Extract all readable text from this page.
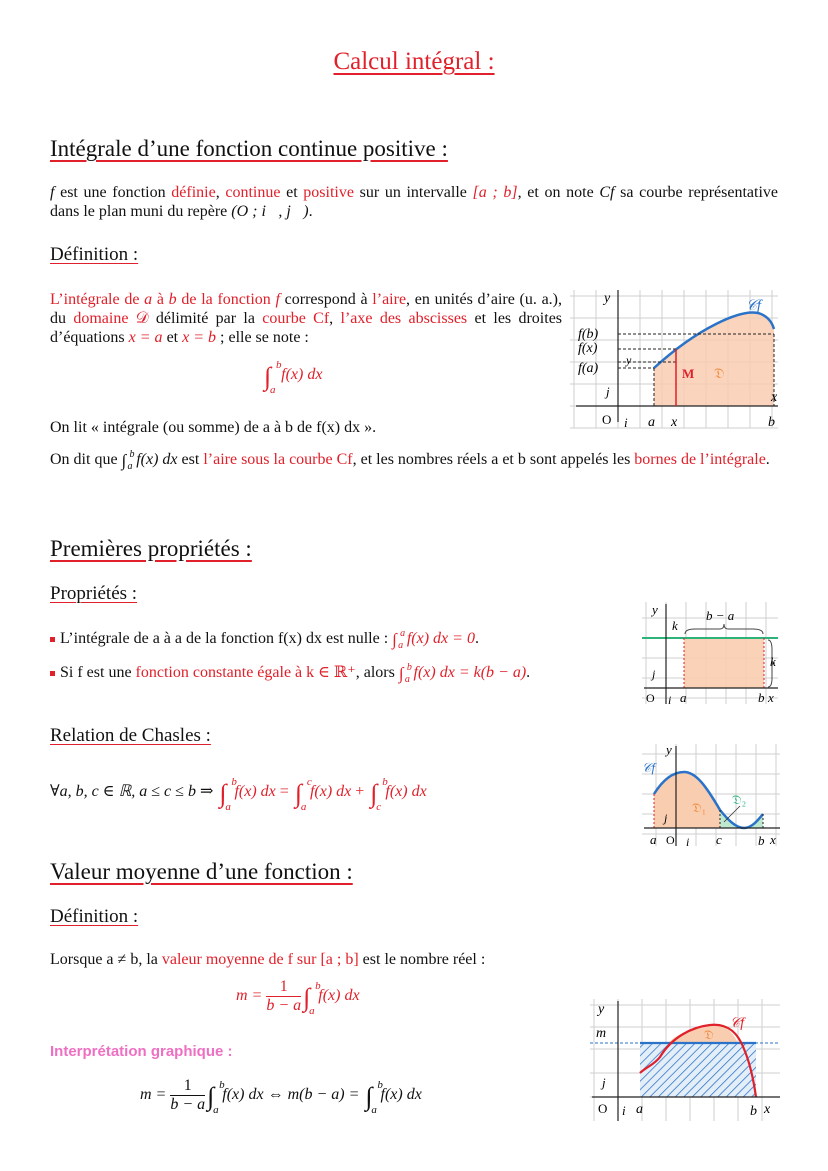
Calcul intégral :
Intégrale d’une fonction continue positive :
f est une fonction définie, continue et positive sur un intervalle [a ; b], et on note Cf sa courbe représentative dans le plan muni du repère (O ; i⃗, j⃗).
Définition :
L’intégrale de a à b de la fonction f correspond à l’aire, en unités d’aire (u. a.), du domaine 𝒟 délimité par la courbe Cf, l’axe des abscisses et les droites d’équations x = a et x = b ; elle se note :
∫ b
a
f(x) dx
On lit « intégrale (ou somme) de a à b de f(x) dx ».
On dit que ∫ b
a f(x) dx est l’aire sous la courbe Cf, et les nombres réels a et b sont appelés les bornes de l’intégrale.
y	𝒞f
f(b)
f(x)
f(a)
y
M 𝔇
x
j⃗
O i⃗ a x	b
Premières propriétés :
Propriétés :
L’intégrale de a à a de la fonction f(x) dx est nulle : ∫ a
a f(x) dx = 0.
Si f est une fonction constante égale à k ∈ ℝ⁺, alors ∫ b
a f(x) dx = k(b − a).
y
k
b − a
k
j⃗
O i⃗ a	b x
Relation de Chasles :
∀a, b, c ∈ ℝ, a ≤ c ≤ b ⇒ ∫ b
a
f(x) dx = ∫ c
a
f(x) dx + ∫ b
c
f(x) dx
y
𝒞f
𝔇₁
𝔇₂
j⃗
a O i⃗ c	b x
Valeur moyenne d’une fonction :
Définition :
Lorsque a ≠ b, la valeur moyenne de f sur [a ; b] est le nombre réel :
$m = \frac{1}{b - a}$ ∫ b
a
f(x) dx
Interprétation graphique :
$m = \frac{1}{b - a}$ ∫ b
a
f(x) dx ⇔ m(b − a) = ∫ b
a
f(x) dx
y
m
𝒞f
𝔇
j⃗
O i⃗ a	b x
